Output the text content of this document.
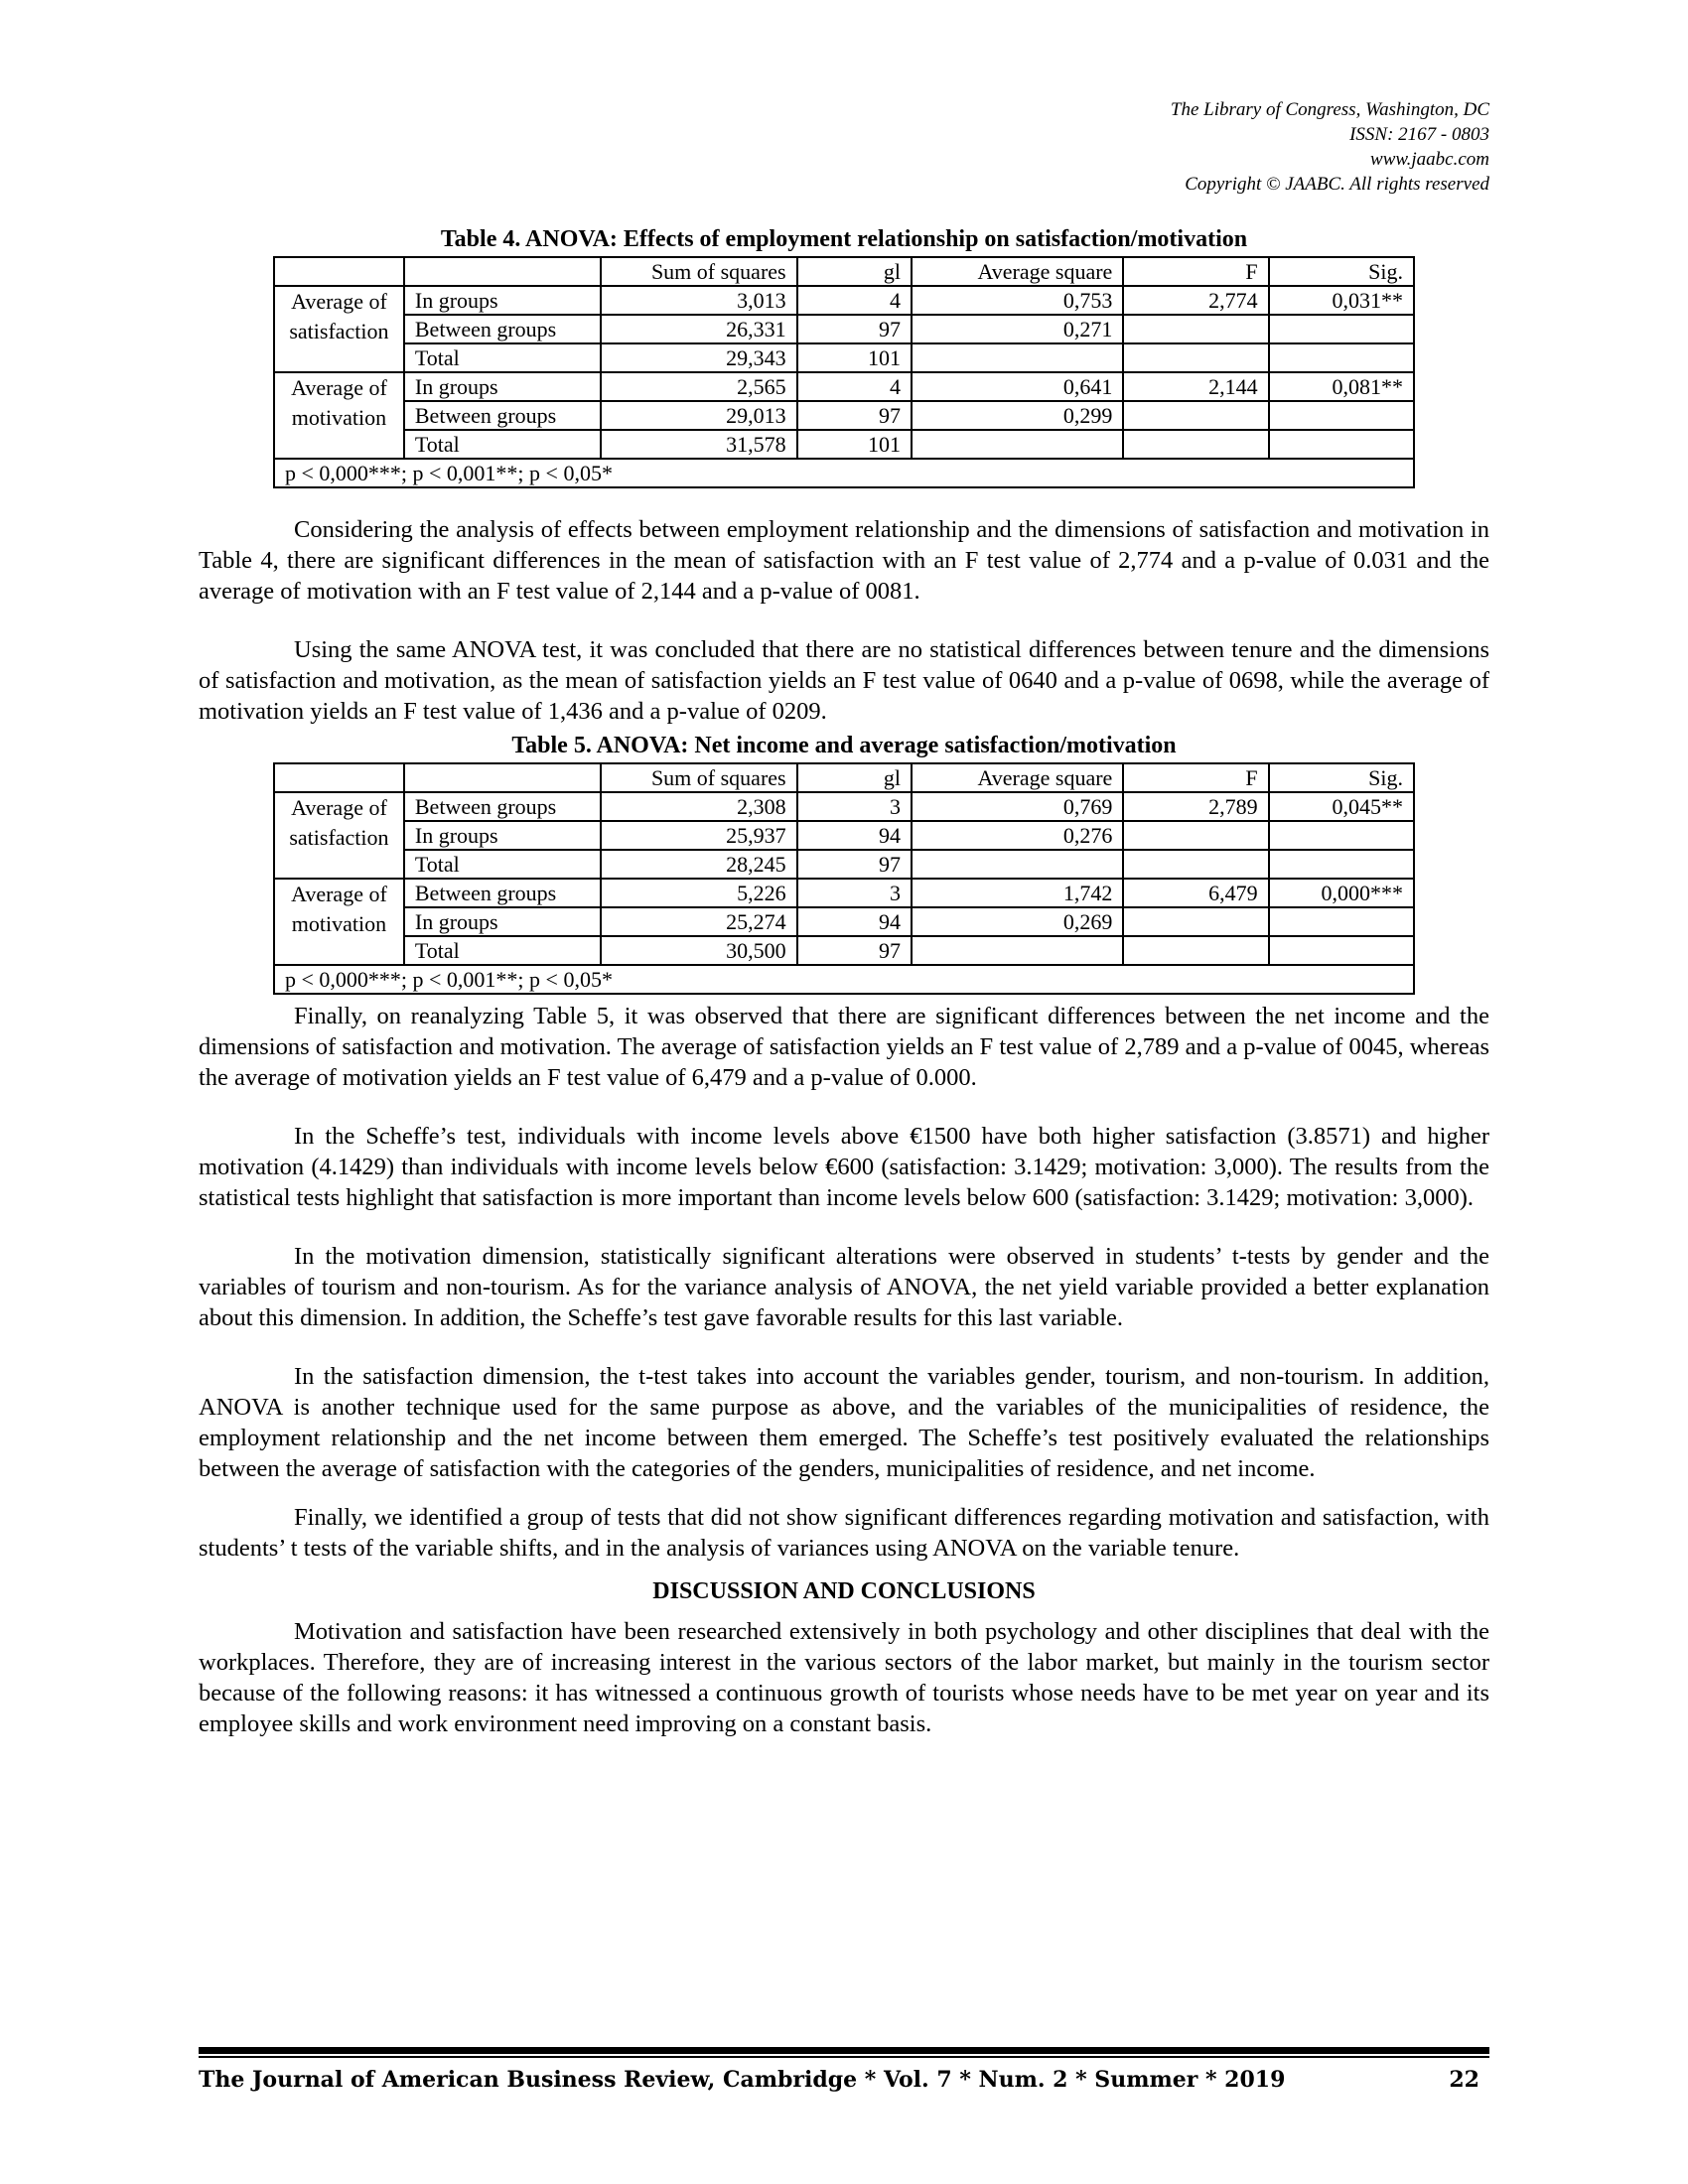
The Library of Congress, Washington, DC
ISSN: 2167 - 0803
www.jaabc.com
Copyright © JAABC. All rights reserved
Table 4. ANOVA: Effects of employment relationship on satisfaction/motivation						
		Sum of squares	gl	Average square	F	Sig.
Average of satisfaction	In groups	3,013	4	0,753	2,774	0,031**
	Between groups	26,331	97	0,271		
	Total	29,343	101			
Average of motivation	In groups	2,565	4	0,641	2,144	0,081**
	Between groups	29,013	97	0,299		
	Total	31,578	101			
p < 0,000***; p < 0,001**; p < 0,05*						

Considering the analysis of effects between employment relationship and the dimensions of satisfaction and motivation in Table 4, there are significant differences in the mean of satisfaction with an F test value of 2,774 and a p-value of 0.031 and the average of motivation with an F test value of 2,144 and a p-value of 0081.

Using the same ANOVA test, it was concluded that there are no statistical differences between tenure and the dimensions of satisfaction and motivation, as the mean of satisfaction yields an F test value of 0640 and a p-value of 0698, while the average of motivation yields an F test value of 1,436 and a p-value of 0209.

Table 5. ANOVA: Net income and average satisfaction/motivation						
		Sum of squares	gl	Average square	F	Sig.
Average of satisfaction	Between groups	2,308	3	0,769	2,789	0,045**
	In groups	25,937	94	0,276		
	Total	28,245	97			
Average of motivation	Between groups	5,226	3	1,742	6,479	0,000***
	In groups	25,274	94	0,269		
	Total	30,500	97			
p < 0,000***; p < 0,001**; p < 0,05*						

Finally, on reanalyzing Table 5, it was observed that there are significant differences between the net income and the dimensions of satisfaction and motivation. The average of satisfaction yields an F test value of 2,789 and a p-value of 0045, whereas the average of motivation yields an F test value of 6,479 and a p-value of 0.000.

In the Scheffe’s test, individuals with income levels above €1500 have both higher satisfaction (3.8571) and higher motivation (4.1429) than individuals with income levels below €600 (satisfaction: 3.1429; motivation: 3,000). The results from the statistical tests highlight that satisfaction is more important than income levels below 600 (satisfaction: 3.1429; motivation: 3,000).

In the motivation dimension, statistically significant alterations were observed in students’ t-tests by gender and the variables of tourism and non-tourism. As for the variance analysis of ANOVA, the net yield variable provided a better explanation about this dimension. In addition, the Scheffe’s test gave favorable results for this last variable.

In the satisfaction dimension, the t-test takes into account the variables gender, tourism, and non-tourism. In addition, ANOVA is another technique used for the same purpose as above, and the variables of the municipalities of residence, the employment relationship and the net income between them emerged. The Scheffe’s test positively evaluated the relationships between the average of satisfaction with the categories of the genders, municipalities of residence, and net income.

Finally, we identified a group of tests that did not show significant differences regarding motivation and satisfaction, with students’ t tests of the variable shifts, and in the analysis of variances using ANOVA on the variable tenure.

DISCUSSION AND CONCLUSIONS

Motivation and satisfaction have been researched extensively in both psychology and other disciplines that deal with the workplaces. Therefore, they are of increasing interest in the various sectors of the labor market, but mainly in the tourism sector because of the following reasons: it has witnessed a continuous growth of tourists whose needs have to be met year on year and its employee skills and work environment need improving on a constant basis.

The Journal of American Business Review, Cambridge * Vol. 7 * Num. 2 * Summer * 2019	22
